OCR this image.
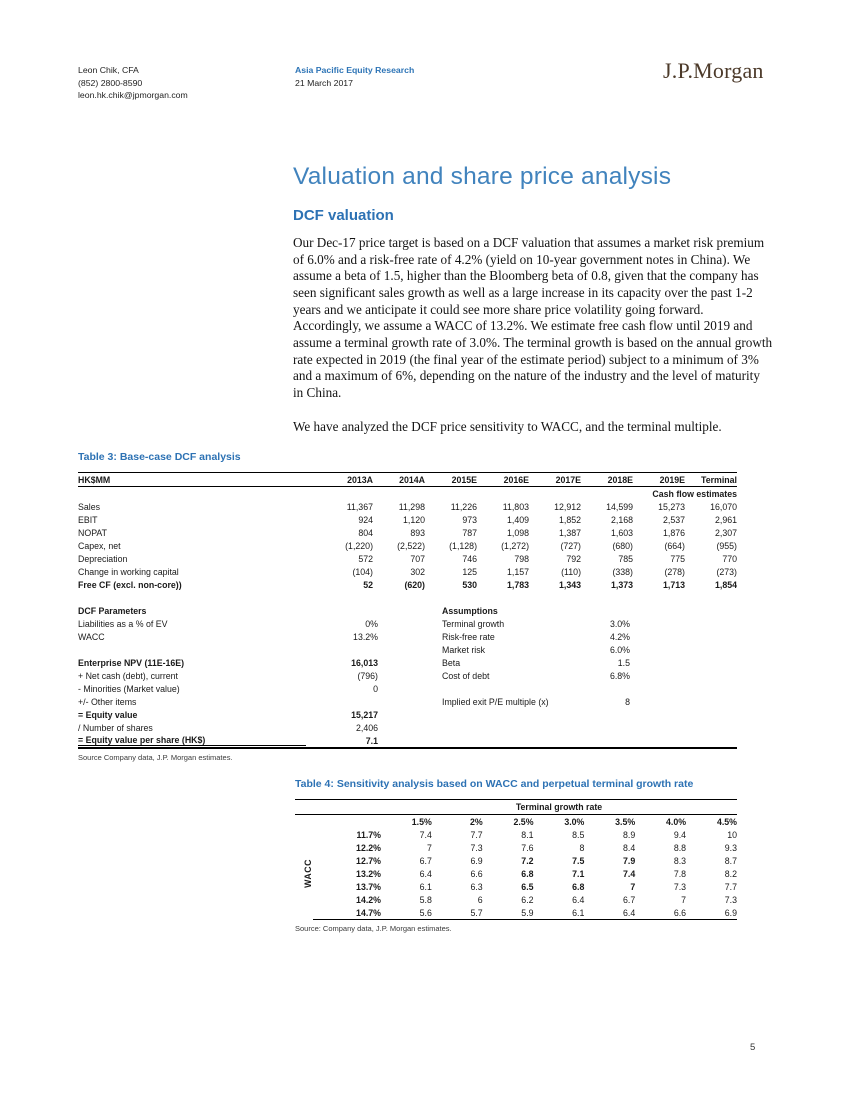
Leon Chik, CFA
(852) 2800-8590
leon.hk.chik@jpmorgan.com
Asia Pacific Equity Research
21 March 2017	J.P.Morgan
Valuation and share price analysis
DCF valuation

Our Dec-17 price target is based on a DCF valuation that assumes a market risk premium of 6.0% and a risk-free rate of 4.2% (yield on 10-year government notes in China). We assume a beta of 1.5, higher than the Bloomberg beta of 0.8, given that the company has seen significant sales growth as well as a large increase in its capacity over the past 1-2 years and we anticipate it could see more share price volatility going forward. Accordingly, we assume a WACC of 13.2%. We estimate free cash flow until 2019 and assume a terminal growth rate of 3.0%. The terminal growth is based on the annual growth rate expected in 2019 (the final year of the estimate period) subject to a minimum of 3% and a maximum of 6%, depending on the nature of the industry and the level of maturity in China.

We have analyzed the DCF price sensitivity to WACC, and the terminal multiple.

Table 3: Base-case DCF analysis
HK$MM	2013A	2014A	2015E	2016E	2017E	2018E	2019E	Terminal
Cash flow estimates								
Sales	11,367	11,298	11,226	11,803	12,912	14,599	15,273	16,070
EBIT	924	1,120	973	1,409	1,852	2,168	2,537	2,961
NOPAT	804	893	787	1,098	1,387	1,603	1,876	2,307
Capex, net	(1,220)	(2,522)	(1,128)	(1,272)	(727)	(680)	(664)	(955)
Depreciation	572	707	746	798	792	785	775	770
Change in working capital	(104)	302	125	1,157	(110)	(338)	(278)	(273)
Free CF (excl. non-core))	52	(620)	530	1,783	1,343	1,373	1,713	1,854
DCF Parameters
Liabilities as a % of EV	0%
WACC	13.2%
Enterprise NPV (11E-16E)	16,013
+ Net cash (debt), current	(796)
- Minorities (Market value)	0
+/- Other items
= Equity value	15,217
/ Number of shares	2,406
= Equity value per share (HK$)	7.1
Assumptions
Terminal growth	3.0%
Risk-free rate	4.2%
Market risk	6.0%
Beta	1.5
Cost of debt	6.8%
Implied exit P/E multiple (x)	8
Source Company data, J.P. Morgan estimates.
Table 4: Sensitivity analysis based on WACC and perpetual terminal growth rate
		Terminal growth rate						
		1.5%	2%	2.5%	3.0%	3.5%	4.0%	4.5%
WACC	11.7%	7.4	7.7	8.1	8.5	8.9	9.4	10
	12.2%	7	7.3	7.6	8	8.4	8.8	9.3
	12.7%	6.7	6.9	7.2	7.5	7.9	8.3	8.7
	13.2%	6.4	6.6	6.8	7.1	7.4	7.8	8.2
	13.7%	6.1	6.3	6.5	6.8	7	7.3	7.7
	14.2%	5.8	6	6.2	6.4	6.7	7	7.3
	14.7%	5.6	5.7	5.9	6.1	6.4	6.6	6.9
Source: Company data, J.P. Morgan estimates.
5
